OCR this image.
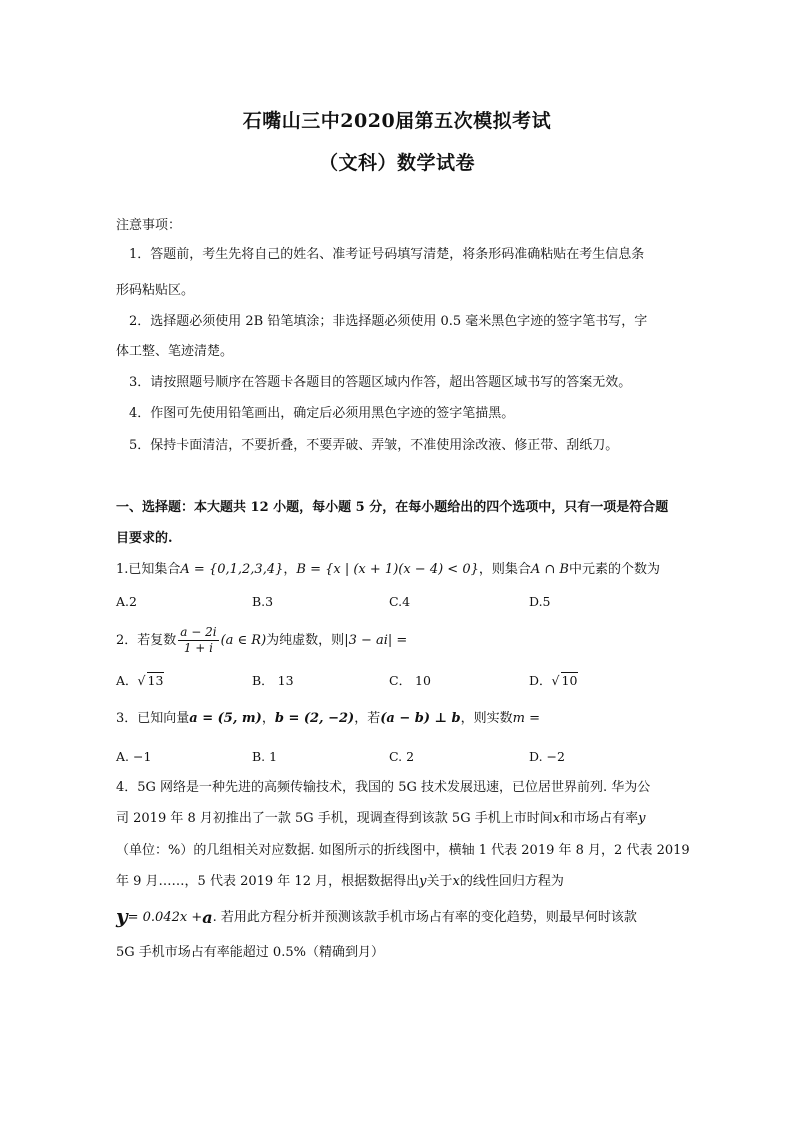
石嘴山三中2020届第五次模拟考试
（文科）数学试卷
注意事项：
1．答题前，考生先将自己的姓名、准考证号码填写清楚，将条形码准确粘贴在考生信息条
形码粘贴区。
2．选择题必须使用 2B 铅笔填涂；非选择题必须使用 0.5 毫米黑色字迹的签字笔书写，字
体工整、笔迹清楚。
3．请按照题号顺序在答题卡各题目的答题区域内作答，超出答题区域书写的答案无效。
4．作图可先使用铅笔画出，确定后必须用黑色字迹的签字笔描黑。
5．保持卡面清洁，不要折叠，不要弄破、弄皱，不准使用涂改液、修正带、刮纸刀。
一、选择题：本大题共 12 小题，每小题 5 分，在每小题给出的四个选项中，只有一项是符合题
目要求的.
1.已知集合A = {0,1,2,3,4}，B = {x | (x + 1)(x − 4) < 0}，则集合A ∩ B中元素的个数为
A.2	B.3	C.4	D.5
2．若复数 $\frac{a - 2i}{1 + i} (a$ ∈ R)为纯虚数，则|3 − ai| =
A．√ 13	B． 13	C． 10	D．√ 10
3．已知向量a = (5, m)，b = (2, −2)，若(a − b) ⊥ b，则实数m =
A. −1	B. 1	C. 2	D. −2
4．5G 网络是一种先进的高频传输技术，我国的 5G 技术发展迅速，已位居世界前列. 华为公
司 2019 年 8 月初推出了一款 5G 手机，现调查得到该款 5G 手机上市时间x和市场占有率y
（单位：%）的几组相关对应数据. 如图所示的折线图中，横轴 1 代表 2019 年 8 月，2 代表 2019
年 9 月……，5 代表 2019 年 12 月，根据数据得出y关于x的线性回归方程为
y= 0.042x +a. 若用此方程分析并预测该款手机市场占有率的变化趋势，则最早何时该款
5G 手机市场占有率能超过 0.5%（精确到月）
